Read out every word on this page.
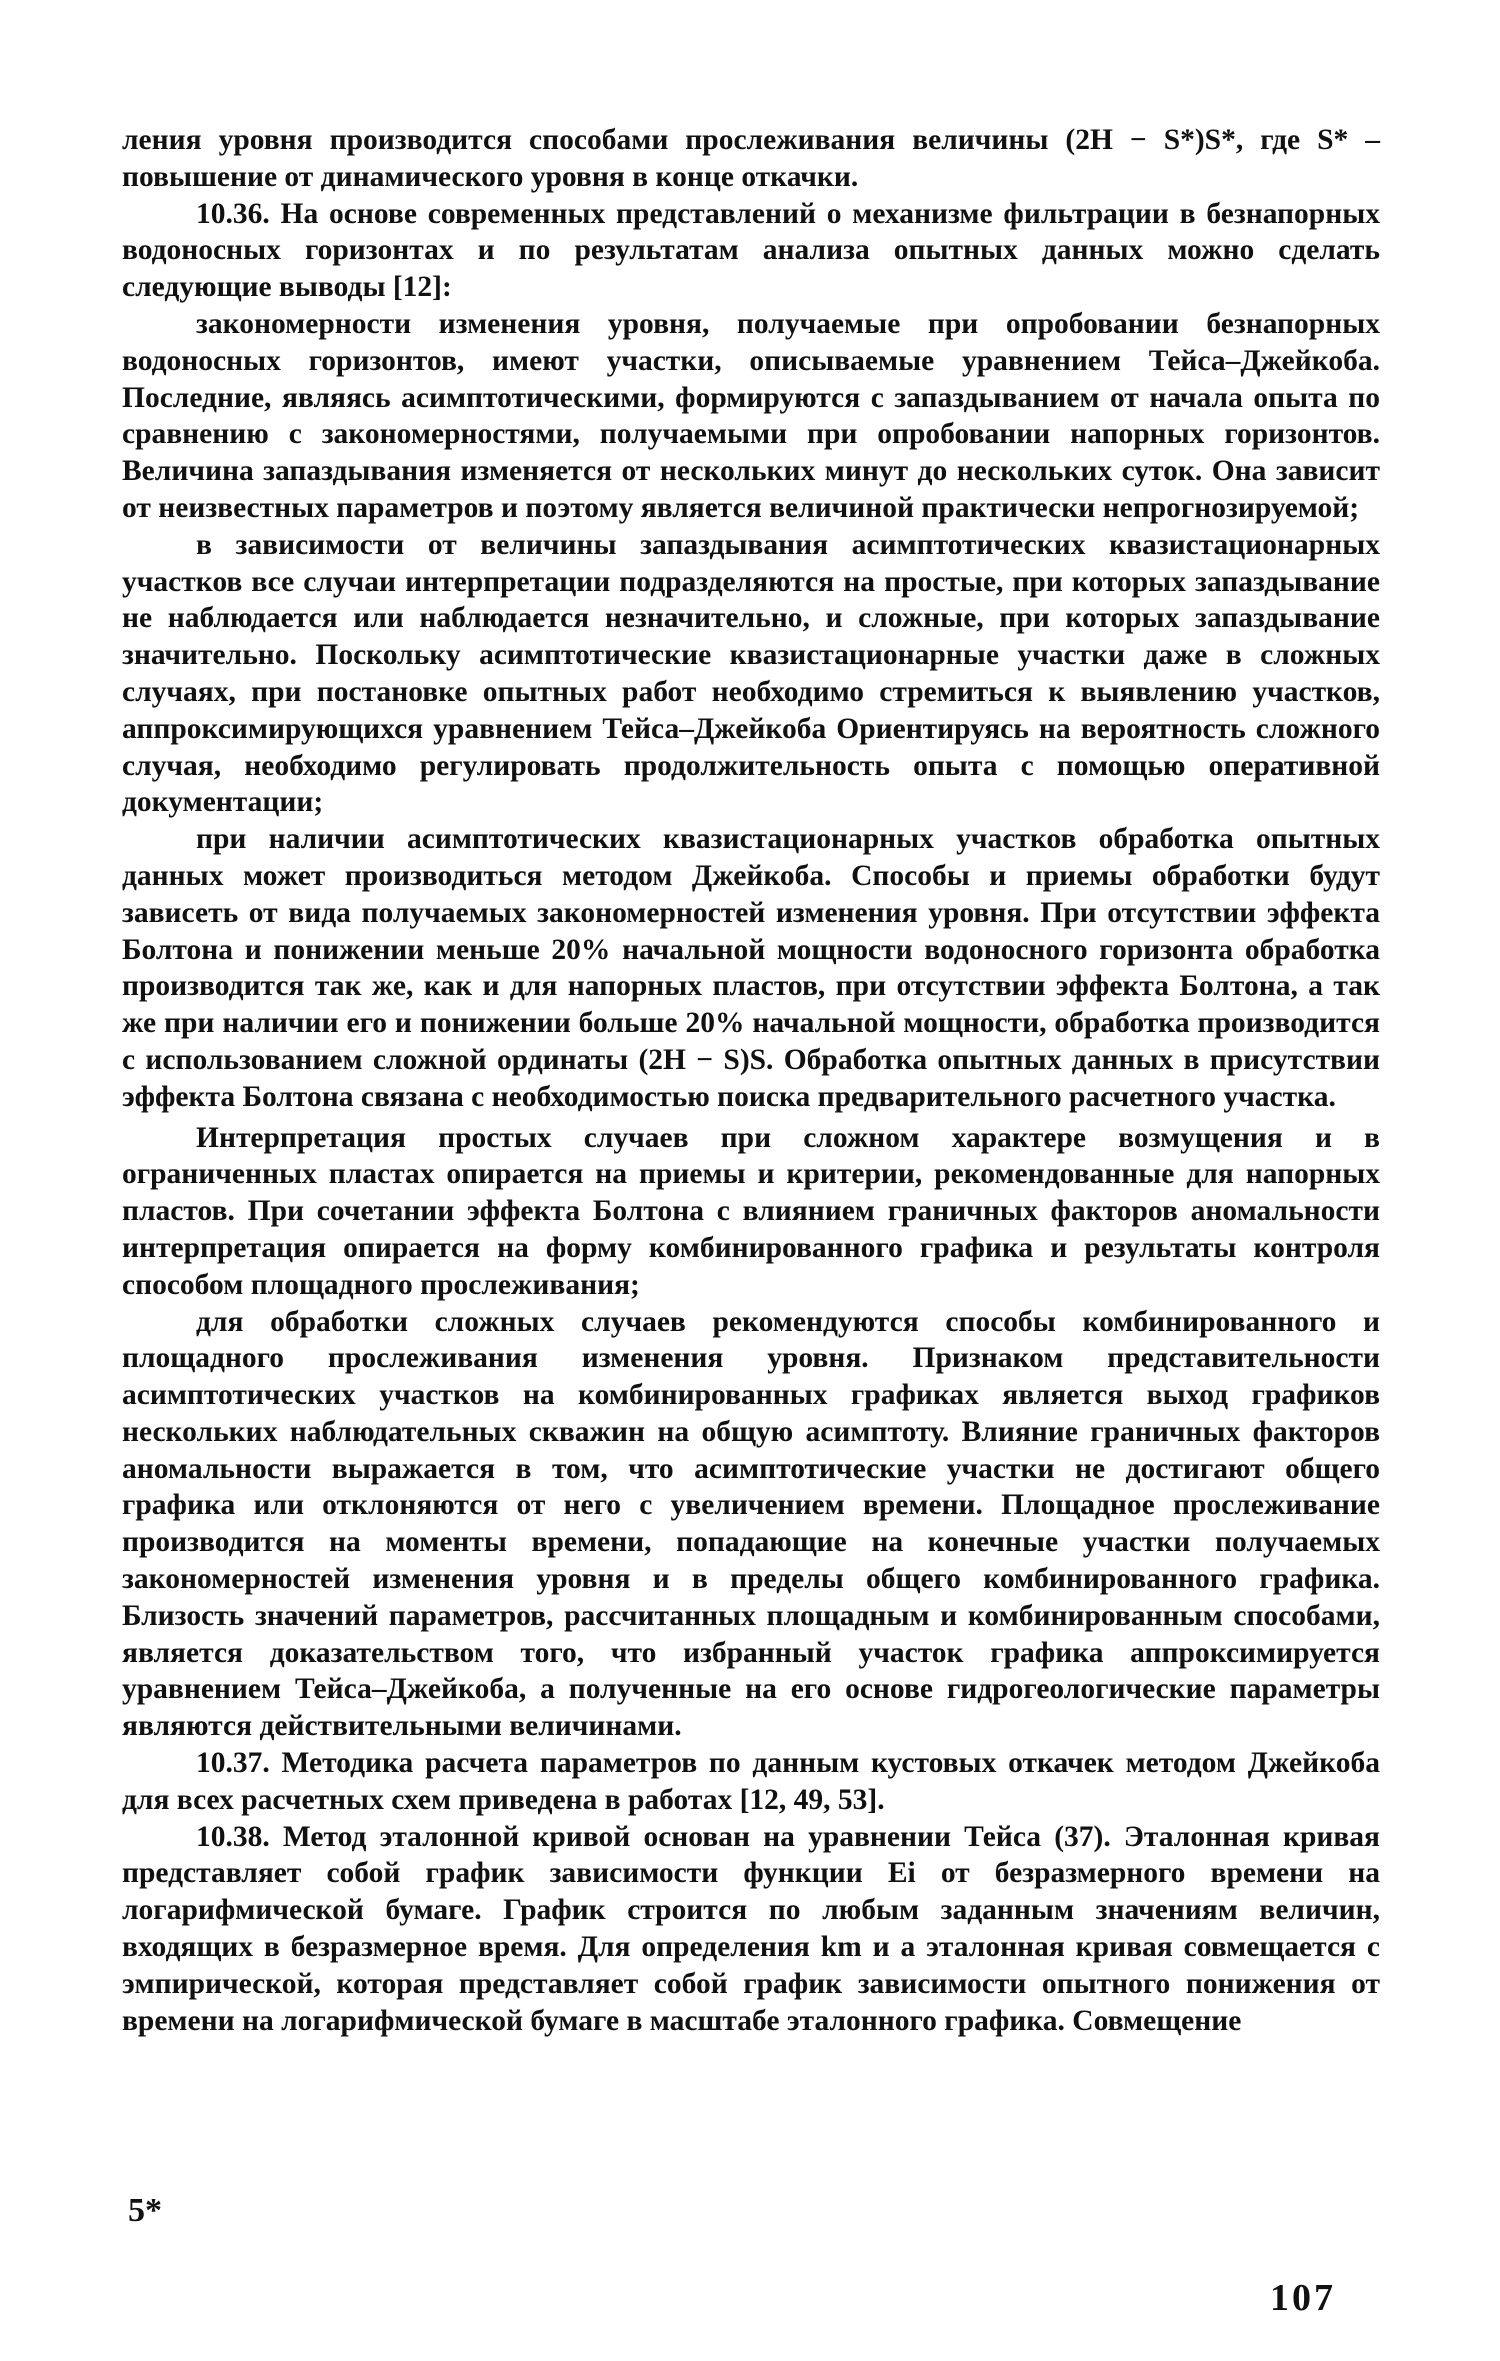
ления уровня производится способами прослеживания величины (2Н − S*)S*, где S* – повышение от динамического уровня в конце откачки.

10.36. На основе современных представлений о механизме фильтрации в безнапорных водоносных горизонтах и по результатам анализа опытных данных можно сделать следующие выводы [12]:

закономерности изменения уровня, получаемые при опробовании безнапорных водоносных горизонтов, имеют участки, описываемые уравнением Тейса–Джейкоба. Последние, являясь асимптотическими, формируются с запаздыванием от начала опыта по сравнению с закономерностями, получаемыми при опробовании напорных горизонтов. Величина запаздывания изменяется от нескольких минут до нескольких суток. Она зависит от неизвестных параметров и поэтому является величиной практически непрогнозируемой;

в зависимости от величины запаздывания асимптотических квазистационарных участков все случаи интерпретации подразделяются на простые, при которых запаздывание не наблюдается или наблюдается незначительно, и сложные, при которых запаздывание значительно. Поскольку асимптотические квазистационарные участки даже в сложных случаях, при постановке опытных работ необходимо стремиться к выявлению участков, аппроксимирующихся уравнением Тейса–Джейкоба Ориентируясь на вероятность сложного случая, необходимо регулировать продолжительность опыта с помощью оперативной документации;

при наличии асимптотических квазистационарных участков обработка опытных данных может производиться методом Джейкоба. Способы и приемы обработки будут зависеть от вида получаемых закономерностей изменения уровня. При отсутствии эффекта Болтона и понижении меньше 20% начальной мощности водоносного горизонта обработка производится так же, как и для напорных пластов, при отсутствии эффекта Болтона, а так же при наличии его и понижении больше 20% начальной мощности, обработка производится с использованием сложной ординаты (2Н − S)S. Обработка опытных данных в присутствии эффекта Болтона связана с необходимостью поиска предварительного расчетного участка.

Интерпретация простых случаев при сложном характере возмущения и в ограниченных пластах опирается на приемы и критерии, рекомендованные для напорных пластов. При сочетании эффекта Болтона с влиянием граничных факторов аномальности интерпретация опирается на форму комбинированного графика и результаты контроля способом площадного прослеживания;

для обработки сложных случаев рекомендуются способы комбинированного и площадного прослеживания изменения уровня. Признаком представительности асимптотических участков на комбинированных графиках является выход графиков нескольких наблюдательных скважин на общую асимптоту. Влияние граничных факторов аномальности выражается в том, что асимптотические участки не достигают общего графика или отклоняются от него с увеличением времени. Площадное прослеживание производится на моменты времени, попадающие на конечные участки получаемых закономерностей изменения уровня и в пределы общего комбинированного графика. Близость значений параметров, рассчитанных площадным и комбинированным способами, является доказательством того, что избранный участок графика аппроксимируется уравнением Тейса–Джейкоба, а полученные на его основе гидрогеологические параметры являются действительными величинами.

10.37. Методика расчета параметров по данным кустовых откачек методом Джейкоба для всех расчетных схем приведена в работах [12, 49, 53].

10.38. Метод эталонной кривой основан на уравнении Тейса (37). Эталонная кривая представляет собой график зависимости функции Ei от безразмерного времени на логарифмической бумаге. График строится по любым заданным значениям величин, входящих в безразмерное время. Для определения km и a эталонная кривая совмещается с эмпирической, которая представляет собой график зависимости опытного понижения от времени на логарифмической бумаге в масштабе эталонного графика. Совмещение

5*
107
